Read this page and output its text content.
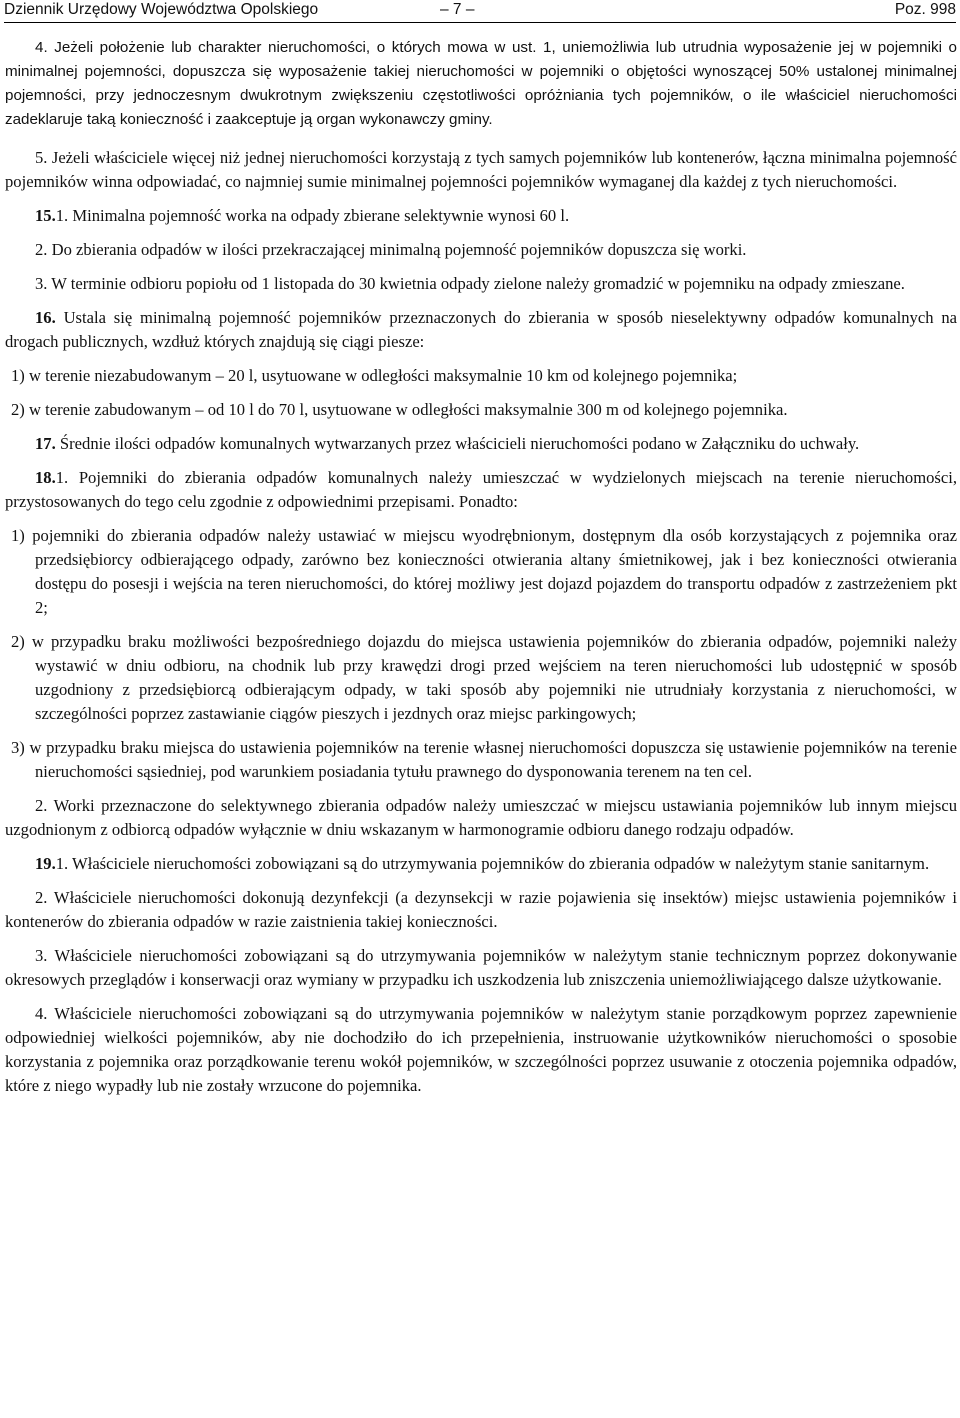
Dziennik Urzędowy Województwa Opolskiego	– 7 –	Poz. 998

4. Jeżeli położenie lub charakter nieruchomości, o których mowa w ust. 1, uniemożliwia lub utrudnia wyposażenie jej w pojemniki o minimalnej pojemności, dopuszcza się wyposażenie takiej nieruchomości w pojemniki o objętości wynoszącej 50% ustalonej minimalnej pojemności, przy jednoczesnym dwukrotnym zwiększeniu częstotliwości opróżniania tych pojemników, o ile właściciel nieruchomości zadeklaruje taką konieczność i zaakceptuje ją organ wykonawczy gminy.

5. Jeżeli właściciele więcej niż jednej nieruchomości korzystają z tych samych pojemników lub kontenerów, łączna minimalna pojemność pojemników winna odpowiadać, co najmniej sumie minimalnej pojemności pojemników wymaganej dla każdej z tych nieruchomości.

15.1. Minimalna pojemność worka na odpady zbierane selektywnie wynosi 60 l.

2. Do zbierania odpadów w ilości przekraczającej minimalną pojemność pojemników dopuszcza się worki.

3. W terminie odbioru popiołu od 1 listopada do 30 kwietnia odpady zielone należy gromadzić w pojemniku na odpady zmieszane.

16. Ustala się minimalną pojemność pojemników przeznaczonych do zbierania w sposób nieselektywny odpadów komunalnych na drogach publicznych, wzdłuż których znajdują się ciągi piesze:

1) w terenie niezabudowanym – 20 l, usytuowane w odległości maksymalnie 10 km od kolejnego pojemnika;

2) w terenie zabudowanym – od 10 l do 70 l, usytuowane w odległości maksymalnie 300 m od kolejnego pojemnika.

17. Średnie ilości odpadów komunalnych wytwarzanych przez właścicieli nieruchomości podano w Załączniku do uchwały.

18.1. Pojemniki do zbierania odpadów komunalnych należy umieszczać w wydzielonych miejscach na terenie nieruchomości, przystosowanych do tego celu zgodnie z odpowiednimi przepisami. Ponadto:

1) pojemniki do zbierania odpadów należy ustawiać w miejscu wyodrębnionym, dostępnym dla osób korzystających z pojemnika oraz przedsiębiorcy odbierającego odpady, zarówno bez konieczności otwierania altany śmietnikowej, jak i bez konieczności otwierania dostępu do posesji i wejścia na teren nieruchomości, do której możliwy jest dojazd pojazdem do transportu odpadów z zastrzeżeniem pkt 2;

2) w przypadku braku możliwości bezpośredniego dojazdu do miejsca ustawienia pojemników do zbierania odpadów, pojemniki należy wystawić w dniu odbioru, na chodnik lub przy krawędzi drogi przed wejściem na teren nieruchomości lub udostępnić w sposób uzgodniony z przedsiębiorcą odbierającym odpady, w taki sposób aby pojemniki nie utrudniały korzystania z nieruchomości, w szczególności poprzez zastawianie ciągów pieszych i jezdnych oraz miejsc parkingowych;

3) w przypadku braku miejsca do ustawienia pojemników na terenie własnej nieruchomości dopuszcza się ustawienie pojemników na terenie nieruchomości sąsiedniej, pod warunkiem posiadania tytułu prawnego do dysponowania terenem na ten cel.

2. Worki przeznaczone do selektywnego zbierania odpadów należy umieszczać w miejscu ustawiania pojemników lub innym miejscu uzgodnionym z odbiorcą odpadów wyłącznie w dniu wskazanym w harmonogramie odbioru danego rodzaju odpadów.

19.1. Właściciele nieruchomości zobowiązani są do utrzymywania pojemników do zbierania odpadów w należytym stanie sanitarnym.

2. Właściciele nieruchomości dokonują dezynfekcji (a dezynsekcji w razie pojawienia się insektów) miejsc ustawienia pojemników i kontenerów do zbierania odpadów w razie zaistnienia takiej konieczności.

3. Właściciele nieruchomości zobowiązani są do utrzymywania pojemników w należytym stanie technicznym poprzez dokonywanie okresowych przeglądów i konserwacji oraz wymiany w przypadku ich uszkodzenia lub zniszczenia uniemożliwiającego dalsze użytkowanie.

4. Właściciele nieruchomości zobowiązani są do utrzymywania pojemników w należytym stanie porządkowym poprzez zapewnienie odpowiedniej wielkości pojemników, aby nie dochodziło do ich przepełnienia, instruowanie użytkowników nieruchomości o sposobie korzystania z pojemnika oraz porządkowanie terenu wokół pojemników, w szczególności poprzez usuwanie z otoczenia pojemnika odpadów, które z niego wypadły lub nie zostały wrzucone do pojemnika.
